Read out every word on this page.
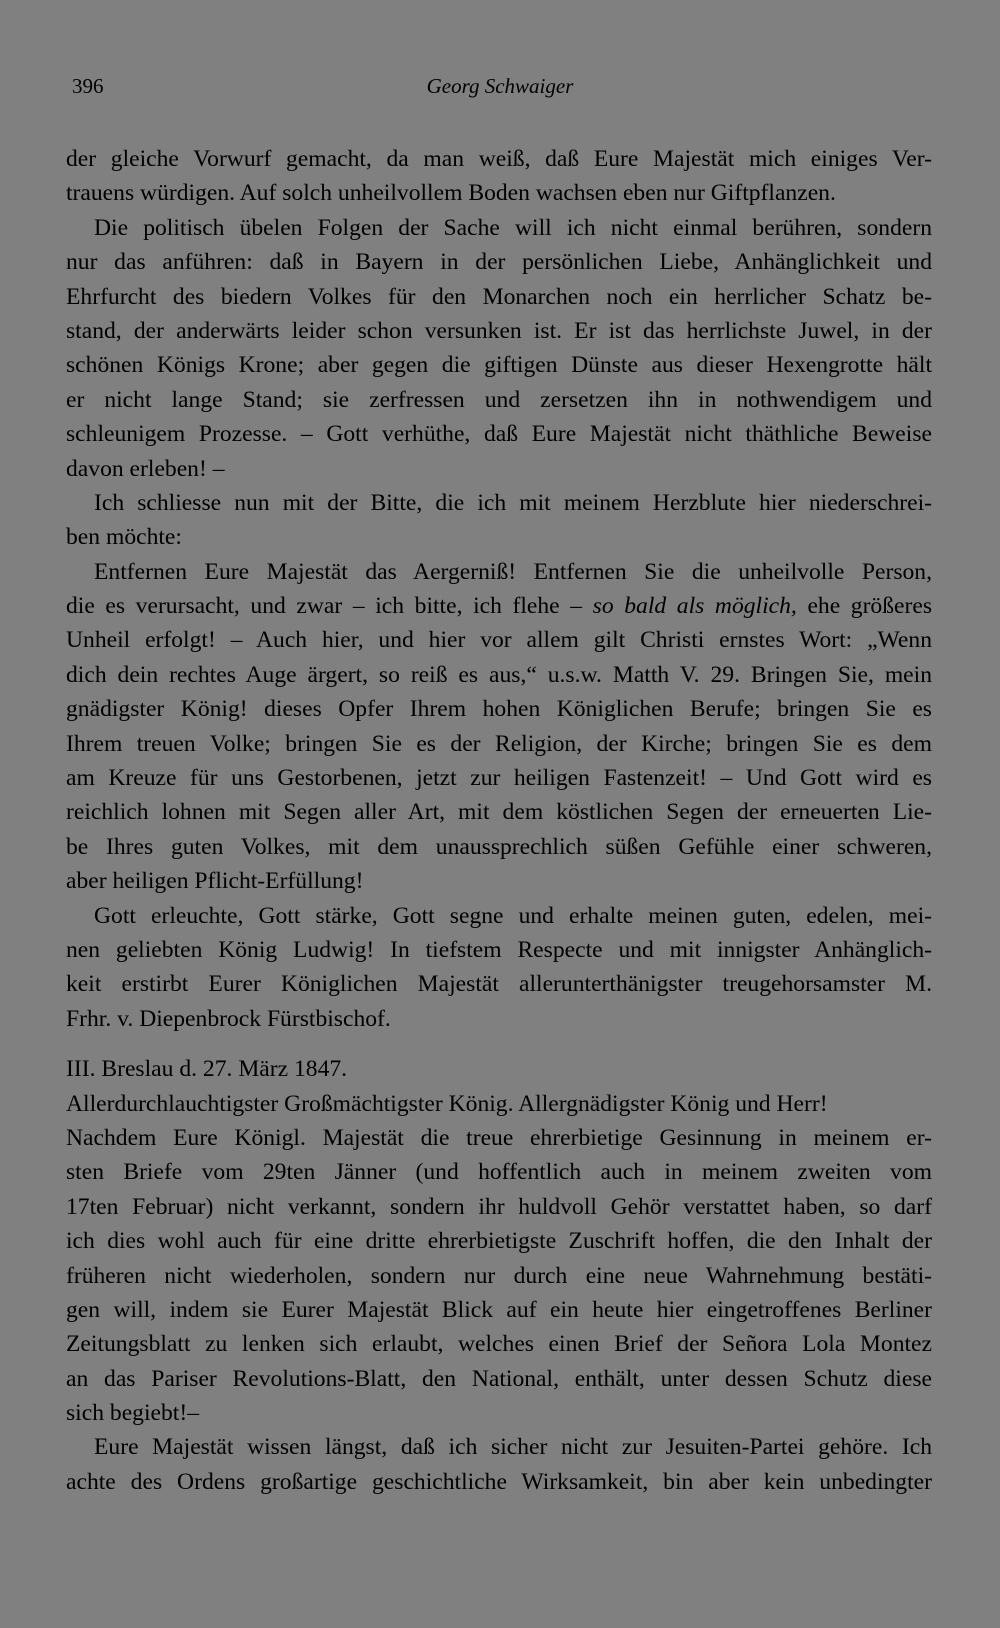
396	Georg Schwaiger
der gleiche Vorwurf gemacht, da man weiß, daß Eure Majestät mich einiges Ver-
trauens würdigen. Auf solch unheilvollem Boden wachsen eben nur Giftpflanzen.
Die politisch übelen Folgen der Sache will ich nicht einmal berühren, sondern
nur das anführen: daß in Bayern in der persönlichen Liebe, Anhänglichkeit und
Ehrfurcht des biedern Volkes für den Monarchen noch ein herrlicher Schatz be-
stand, der anderwärts leider schon versunken ist. Er ist das herrlichste Juwel, in der
schönen Königs Krone; aber gegen die giftigen Dünste aus dieser Hexengrotte hält
er nicht lange Stand; sie zerfressen und zersetzen ihn in nothwendigem und
schleunigem Prozesse. – Gott verhüthe, daß Eure Majestät nicht thäthliche Beweise
davon erleben! –
Ich schliesse nun mit der Bitte, die ich mit meinem Herzblute hier niederschrei-
ben möchte:
Entfernen Eure Majestät das Aergerniß! Entfernen Sie die unheilvolle Person,
die es verursacht, und zwar – ich bitte, ich flehe – so bald als möglich, ehe größeres
Unheil erfolgt! – Auch hier, und hier vor allem gilt Christi ernstes Wort: „Wenn
dich dein rechtes Auge ärgert, so reiß es aus,“ u.s.w. Matth V. 29. Bringen Sie, mein
gnädigster König! dieses Opfer Ihrem hohen Königlichen Berufe; bringen Sie es
Ihrem treuen Volke; bringen Sie es der Religion, der Kirche; bringen Sie es dem
am Kreuze für uns Gestorbenen, jetzt zur heiligen Fastenzeit! – Und Gott wird es
reichlich lohnen mit Segen aller Art, mit dem köstlichen Segen der erneuerten Lie-
be Ihres guten Volkes, mit dem unaussprechlich süßen Gefühle einer schweren,
aber heiligen Pflicht-Erfüllung!
Gott erleuchte, Gott stärke, Gott segne und erhalte meinen guten, edelen, mei-
nen geliebten König Ludwig! In tiefstem Respecte und mit innigster Anhänglich-
keit erstirbt Eurer Königlichen Majestät allerunterthänigster treugehorsamster M.
Frhr. v. Diepenbrock Fürstbischof.
III. Breslau d. 27. März 1847.
Allerdurchlauchtigster Großmächtigster König. Allergnädigster König und Herr!
Nachdem Eure Königl. Majestät die treue ehrerbietige Gesinnung in meinem er-
sten Briefe vom 29ten Jänner (und hoffentlich auch in meinem zweiten vom
17ten Februar) nicht verkannt, sondern ihr huldvoll Gehör verstattet haben, so darf
ich dies wohl auch für eine dritte ehrerbietigste Zuschrift hoffen, die den Inhalt der
früheren nicht wiederholen, sondern nur durch eine neue Wahrnehmung bestäti-
gen will, indem sie Eurer Majestät Blick auf ein heute hier eingetroffenes Berliner
Zeitungsblatt zu lenken sich erlaubt, welches einen Brief der Señora Lola Montez
an das Pariser Revolutions-Blatt, den National, enthält, unter dessen Schutz diese
sich begiebt!–
Eure Majestät wissen längst, daß ich sicher nicht zur Jesuiten-Partei gehöre. Ich
achte des Ordens großartige geschichtliche Wirksamkeit, bin aber kein unbedingter
